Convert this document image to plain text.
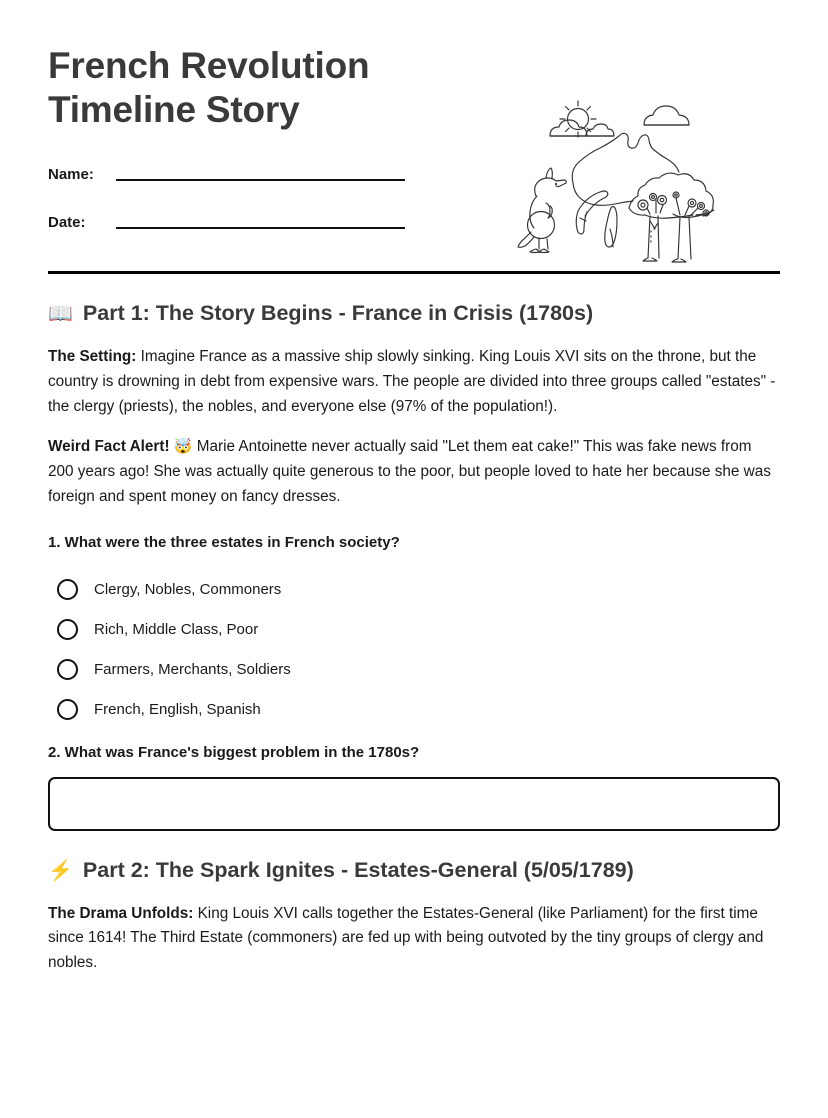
French Revolution Timeline Story
Name:
Date:
📖 Part 1: The Story Begins - France in Crisis (1780s)

The Setting: Imagine France as a massive ship slowly sinking. King Louis XVI sits on the throne, but the country is drowning in debt from expensive wars. The people are divided into three groups called "estates" - the clergy (priests), the nobles, and everyone else (97% of the population!).

Weird Fact Alert! 🤯 Marie Antoinette never actually said "Let them eat cake!" This was fake news from 200 years ago! She was actually quite generous to the poor, but people loved to hate her because she was foreign and spent money on fancy dresses.

1. What were the three estates in French society?

Clergy, Nobles, Commoners
Rich, Middle Class, Poor
Farmers, Merchants, Soldiers
French, English, Spanish

2. What was France's biggest problem in the 1780s?

⚡ Part 2: The Spark Ignites - Estates-General (5/05/1789)

The Drama Unfolds: King Louis XVI calls together the Estates-General (like Parliament) for the first time since 1614! The Third Estate (commoners) are fed up with being outvoted by the tiny groups of clergy and nobles.
